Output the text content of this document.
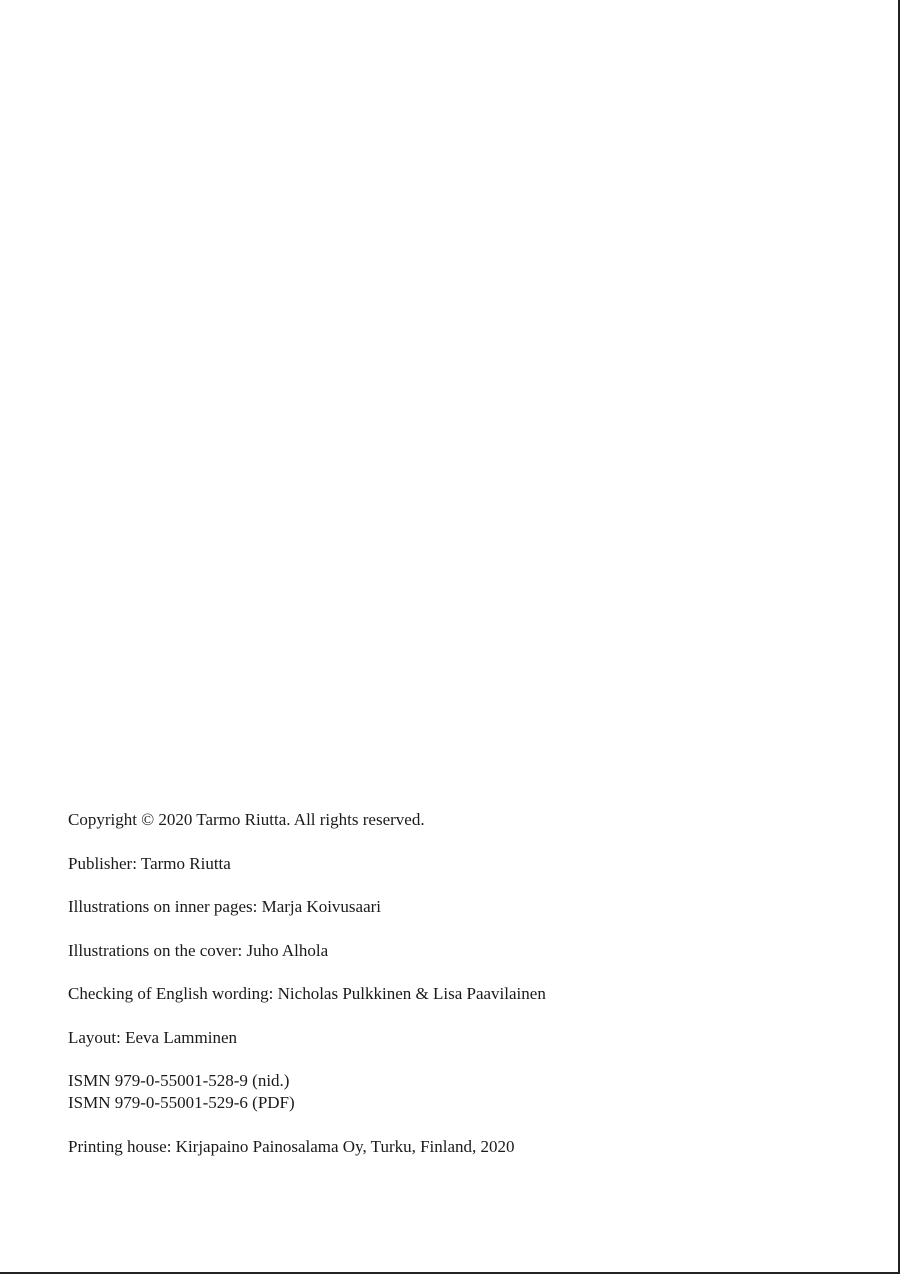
Copyright © 2020 Tarmo Riutta. All rights reserved.

Publisher: Tarmo Riutta

Illustrations on inner pages: Marja Koivusaari

Illustrations on the cover: Juho Alhola

Checking of English wording: Nicholas Pulkkinen & Lisa Paavilainen

Layout: Eeva Lamminen

ISMN 979-0-55001-528-9 (nid.)
ISMN 979-0-55001-529-6 (PDF)

Printing house: Kirjapaino Painosalama Oy, Turku, Finland, 2020
